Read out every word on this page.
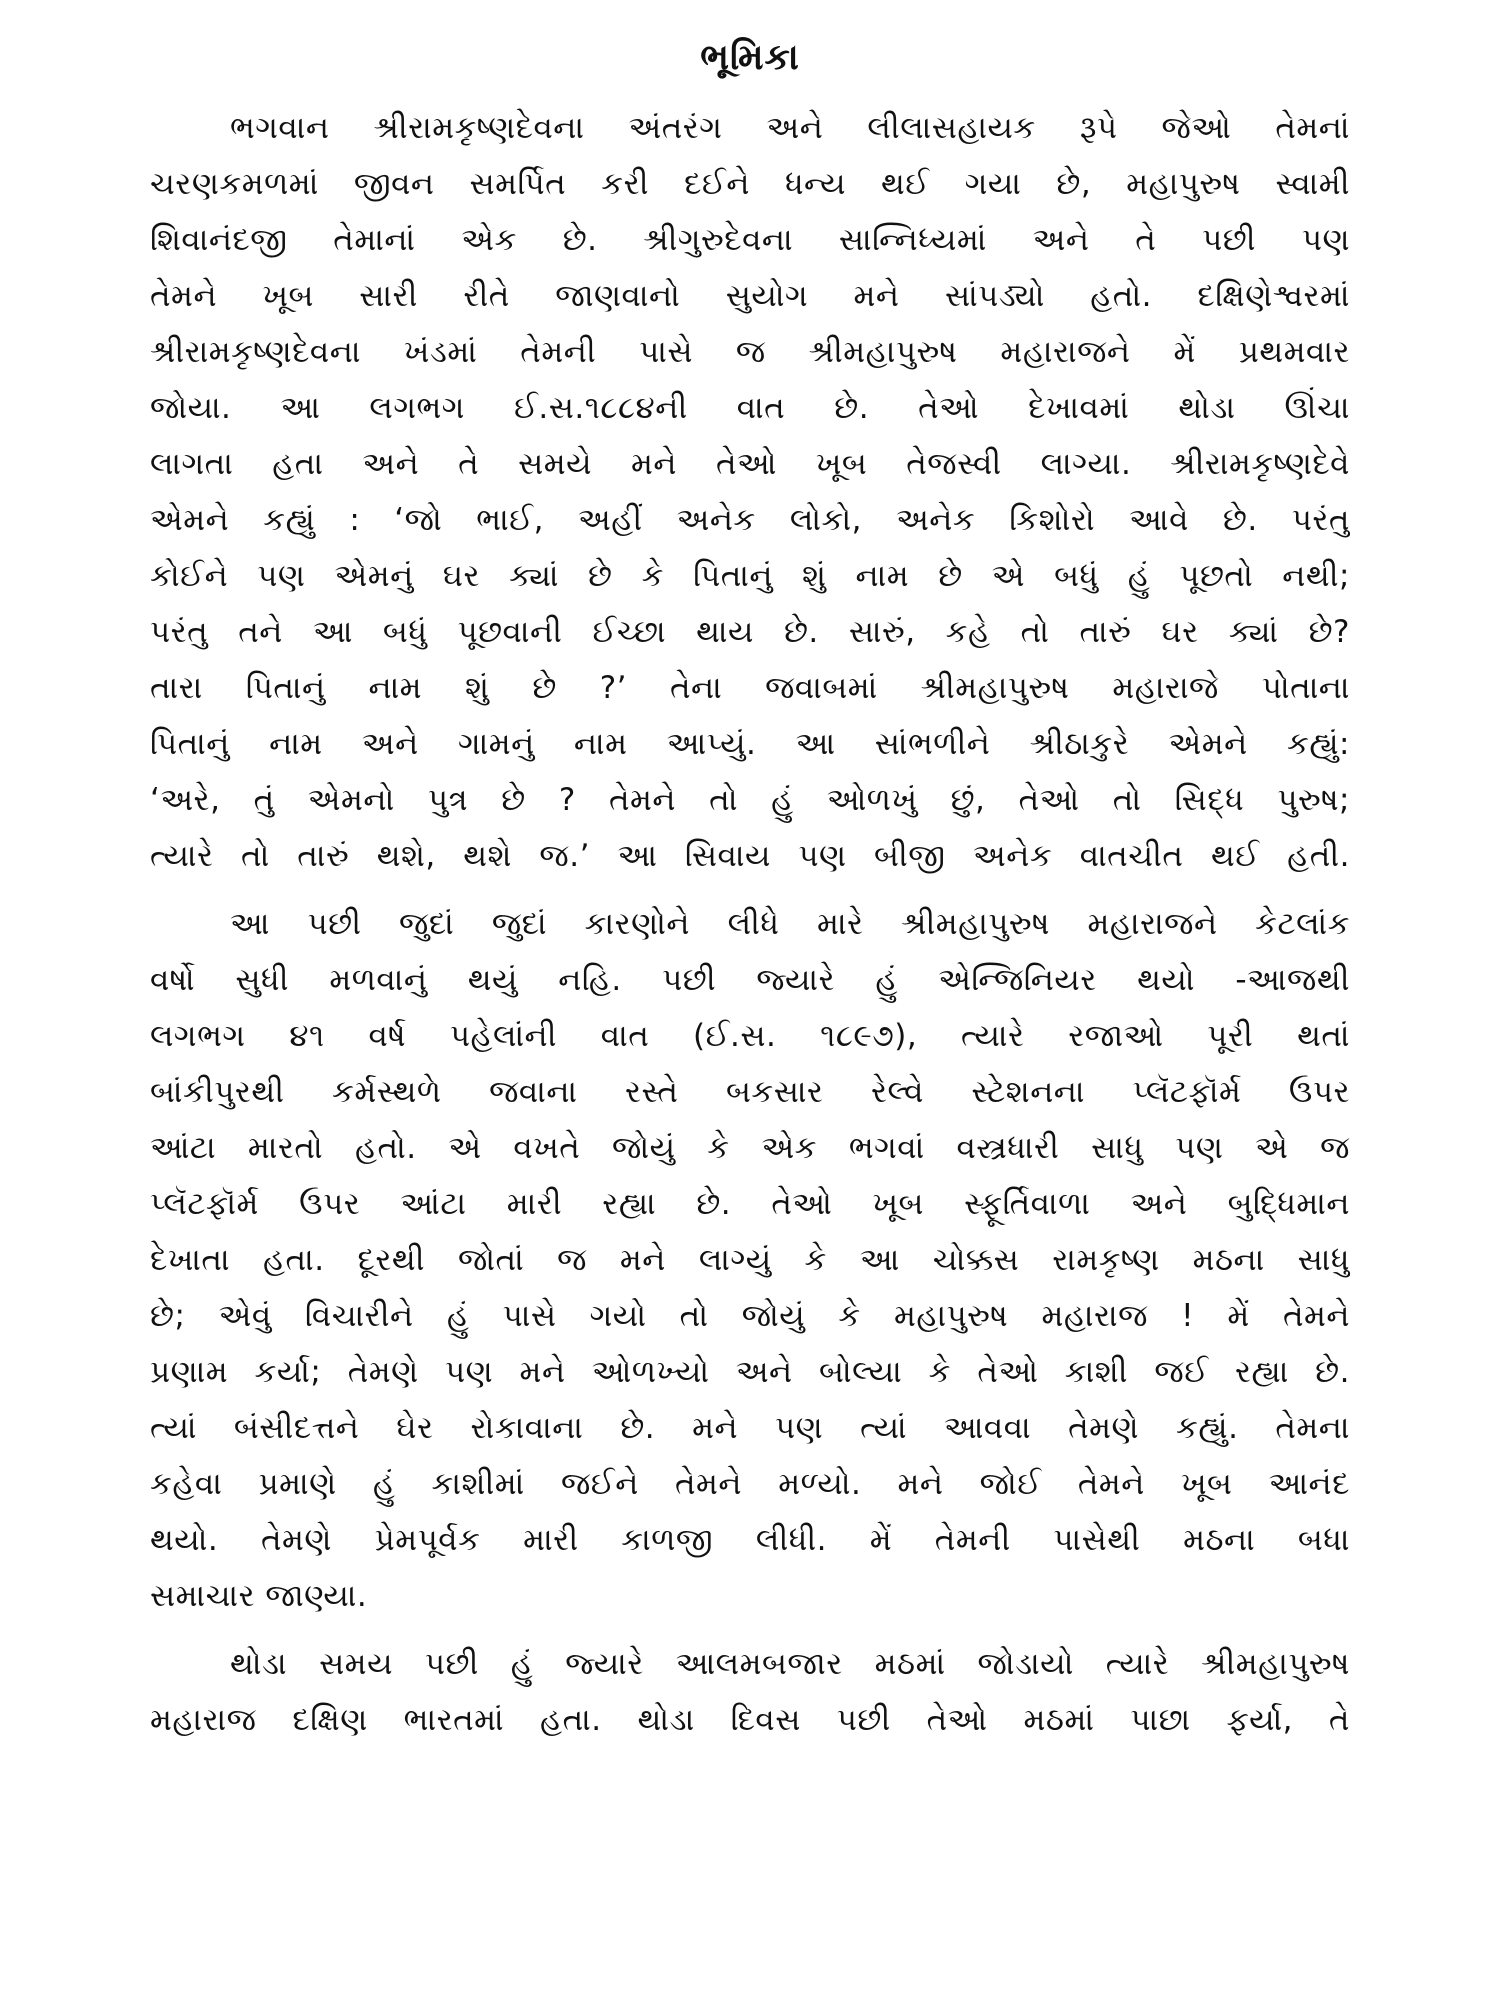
ભૂમિકા
ભગવાન શ્રીરામકૃષ્ણદેવના અંતરંગ અને લીલાસહાયક રૂપે જેઓ તેમનાં
ચરણકમળમાં જીવન સમર્પિત કરી દઈને ધન્ય થઈ ગયા છે, મહાપુરુષ સ્વામી
શિવાનંદજી તેમાનાં એક છે. શ્રીગુરુદેવના સાન્નિધ્યમાં અને તે પછી પણ
તેમને ખૂબ સારી રીતે જાણવાનો સુયોગ મને સાંપડ્યો હતો. દક્ષિણેશ્વરમાં
શ્રીરામકૃષ્ણદેવના ખંડમાં તેમની પાસે જ શ્રીમહાપુરુષ મહારાજને મેં પ્રથમવાર
જોયા. આ લગભગ ઈ.સ.૧૮૮૪ની વાત છે. તેઓ દેખાવમાં થોડા ઊંચા
લાગતા હતા અને તે સમયે મને તેઓ ખૂબ તેજસ્વી લાગ્યા. શ્રીરામકૃષ્ણદેવે
એમને કહ્યું : ‘જો ભાઈ, અહીં અનેક લોકો, અનેક કિશોરો આવે છે. પરંતુ
કોઈને પણ એમનું ઘર ક્યાં છે કે પિતાનું શું નામ છે એ બધું હું પૂછતો નથી;
પરંતુ તને આ બધું પૂછવાની ઈચ્છા થાય છે. સારું, કહે તો તારું ઘર ક્યાં છે?
તારા પિતાનું નામ શું છે ?’ તેના જવાબમાં શ્રીમહાપુરુષ મહારાજે પોતાના
પિતાનું નામ અને ગામનું નામ આપ્યું. આ સાંભળીને શ્રીઠાકુરે એમને કહ્યું:
‘અરે, તું એમનો પુત્ર છે ? તેમને તો હું ઓળખું છું, તેઓ તો સિદ્ધ પુરુષ;
ત્યારે તો તારું થશે, થશે જ.’ આ સિવાય પણ બીજી અનેક વાતચીત થઈ હતી.
આ પછી જુદાં જુદાં કારણોને લીધે મારે શ્રીમહાપુરુષ મહારાજને કેટલાંક
વર્ષો સુધી મળવાનું થયું નહિ. પછી જ્યારે હું એન્જિનિયર થયો -આજથી
લગભગ ૪૧ વર્ષ પહેલાંની વાત (ઈ.સ. ૧૮૯૭), ત્યારે રજાઓ પૂરી થતાં
બાંકીપુરથી કર્મસ્થળે જવાના રસ્તે બકસાર રેલ્વે સ્ટેશનના પ્લૅટફૉર્મ ઉપર
આંટા મારતો હતો. એ વખતે જોયું કે એક ભગવાં વસ્ત્રધારી સાધુ પણ એ જ
પ્લૅટફૉર્મ ઉપર આંટા મારી રહ્યા છે. તેઓ ખૂબ સ્ફૂર્તિવાળા અને બુદ્ધિમાન
દેખાતા હતા. દૂરથી જોતાં જ મને લાગ્યું કે આ ચોક્કસ રામકૃષ્ણ મઠના સાધુ
છે; એવું વિચારીને હું પાસે ગયો તો જોયું કે મહાપુરુષ મહારાજ ! મેં તેમને
પ્રણામ કર્યા; તેમણે પણ મને ઓળખ્યો અને બોલ્યા કે તેઓ કાશી જઈ રહ્યા છે.
ત્યાં બંસીદત્તને ઘેર રોકાવાના છે. મને પણ ત્યાં આવવા તેમણે કહ્યું. તેમના
કહેવા પ્રમાણે હું કાશીમાં જઈને તેમને મળ્યો. મને જોઈ તેમને ખૂબ આનંદ
થયો. તેમણે પ્રેમપૂર્વક મારી કાળજી લીધી. મેં તેમની પાસેથી મઠના બધા
સમાચાર જાણ્યા.
થોડા સમય પછી હું જ્યારે આલમબજાર મઠમાં જોડાયો ત્યારે શ્રીમહાપુરુષ
મહારાજ દક્ષિણ ભારતમાં હતા. થોડા દિવસ પછી તેઓ મઠમાં પાછા ફર્યા, તે
